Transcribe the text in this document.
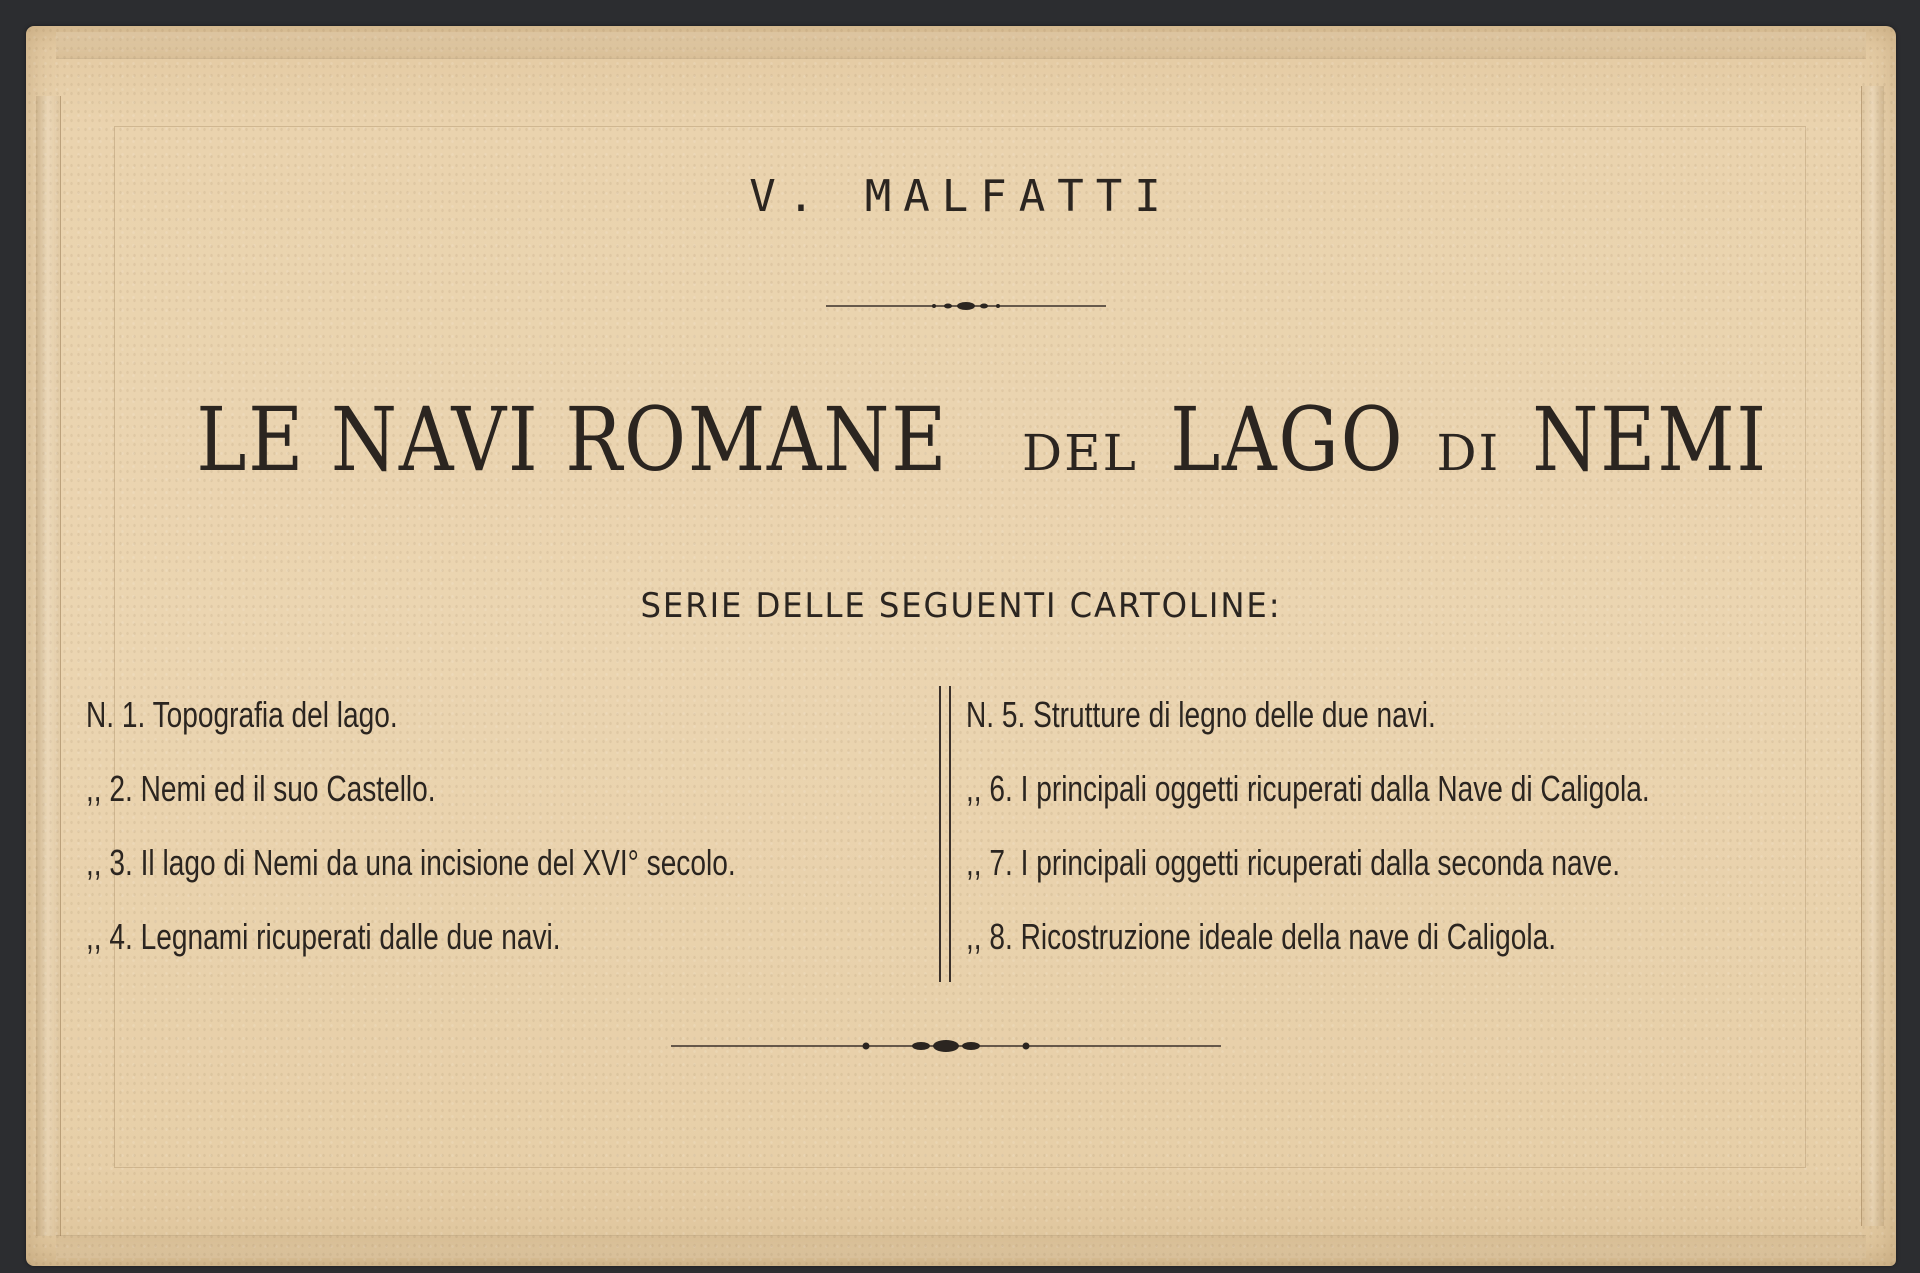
V. MALFATTI
LE NAVI ROMANE DEL LAGO DI NEMI
SERIE DELLE SEGUENTI CARTOLINE:
N. 1. Topografia del lago.
,, 2. Nemi ed il suo Castello.
,, 3. Il lago di Nemi da una incisione del XVI° secolo.
,, 4. Legnami ricuperati dalle due navi.
N. 5. Strutture di legno delle due navi.
,, 6. I principali oggetti ricuperati dalla Nave di Caligola.
,, 7. I principali oggetti ricuperati dalla seconda nave.
,, 8. Ricostruzione ideale della nave di Caligola.
